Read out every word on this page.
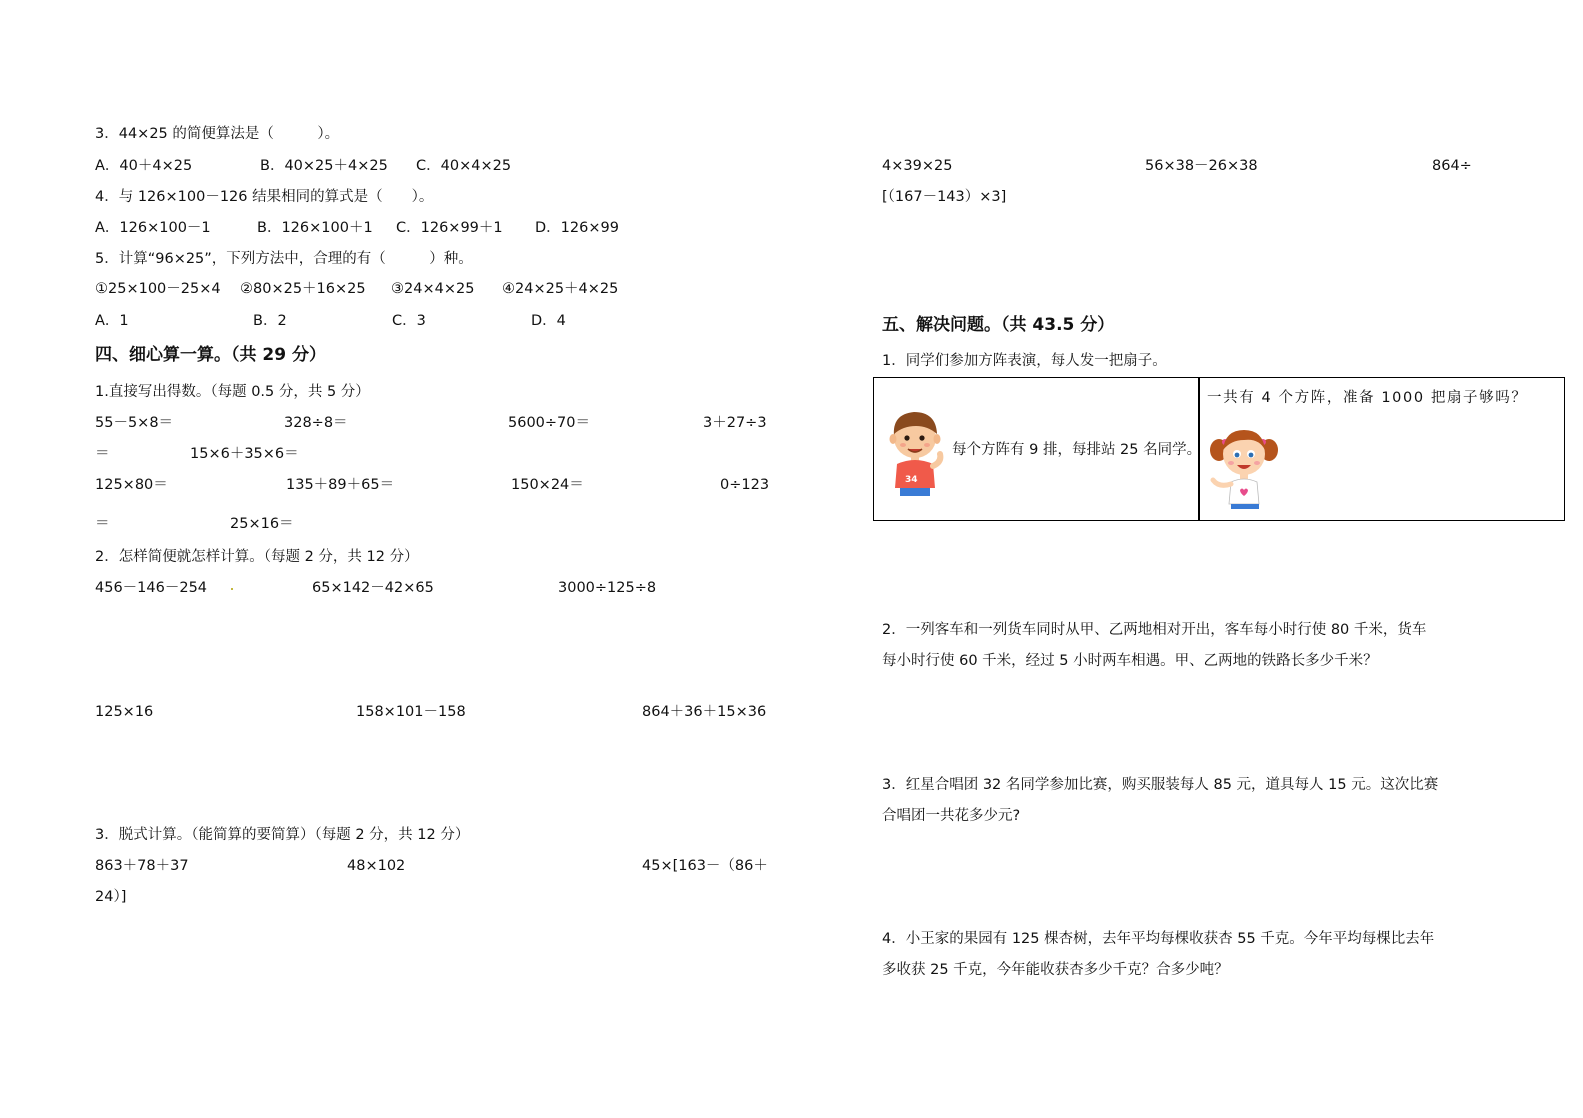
3．44×25 的简便算法是（　　　）。
A．40＋4×25	B．40×25＋4×25 C．40×4×25
4．与 126×100－126 结果相同的算式是（　　）。
A．126×100－1	B．126×100＋1 C．126×99＋1 D．126×99
5．计算“96×25”，下列方法中，合理的有（　　　）种。
①25×100－25×4 ②80×25＋16×25 ③24×4×25 ④24×25＋4×25
A．1	B．2	C．3	D．4
四、细心算一算。（共 29 分）
1.直接写出得数。（每题 0.5 分，共 5 分）
55－5×8＝	328÷8＝	5600÷70＝	3＋27÷3
＝	15×6＋35×6＝
125×80＝	135＋89＋65＝	150×24＝	0÷123
＝	25×16＝
2．怎样简便就怎样计算。（每题 2 分，共 12 分）
456－146－254	65×142－42×65	3000÷125÷8
125×16	158×101－158	864＋36＋15×36
3．脱式计算。（能简算的要简算）（每题 2 分，共 12 分）
863＋78＋37	48×102	45×[163－（86＋
24）]
4×39×25	56×38－26×38	864÷
[（167－143）×3]
五、解决问题。（共 43.5 分）
1．同学们参加方阵表演，每人发一把扇子。
34
每个方阵有 9 排，每排站 25 名同学。
一共有 4 个方阵，准备 1000 把扇子够吗？
2．一列客车和一列货车同时从甲、乙两地相对开出，客车每小时行使 80 千米，货车
每小时行使 60 千米，经过 5 小时两车相遇。甲、乙两地的铁路长多少千米？
3．红星合唱团 32 名同学参加比赛，购买服装每人 85 元，道具每人 15 元。这次比赛
合唱团一共花多少元?
4．小王家的果园有 125 棵杏树，去年平均每棵收获杏 55 千克。今年平均每棵比去年
多收获 25 千克，今年能收获杏多少千克？合多少吨？
